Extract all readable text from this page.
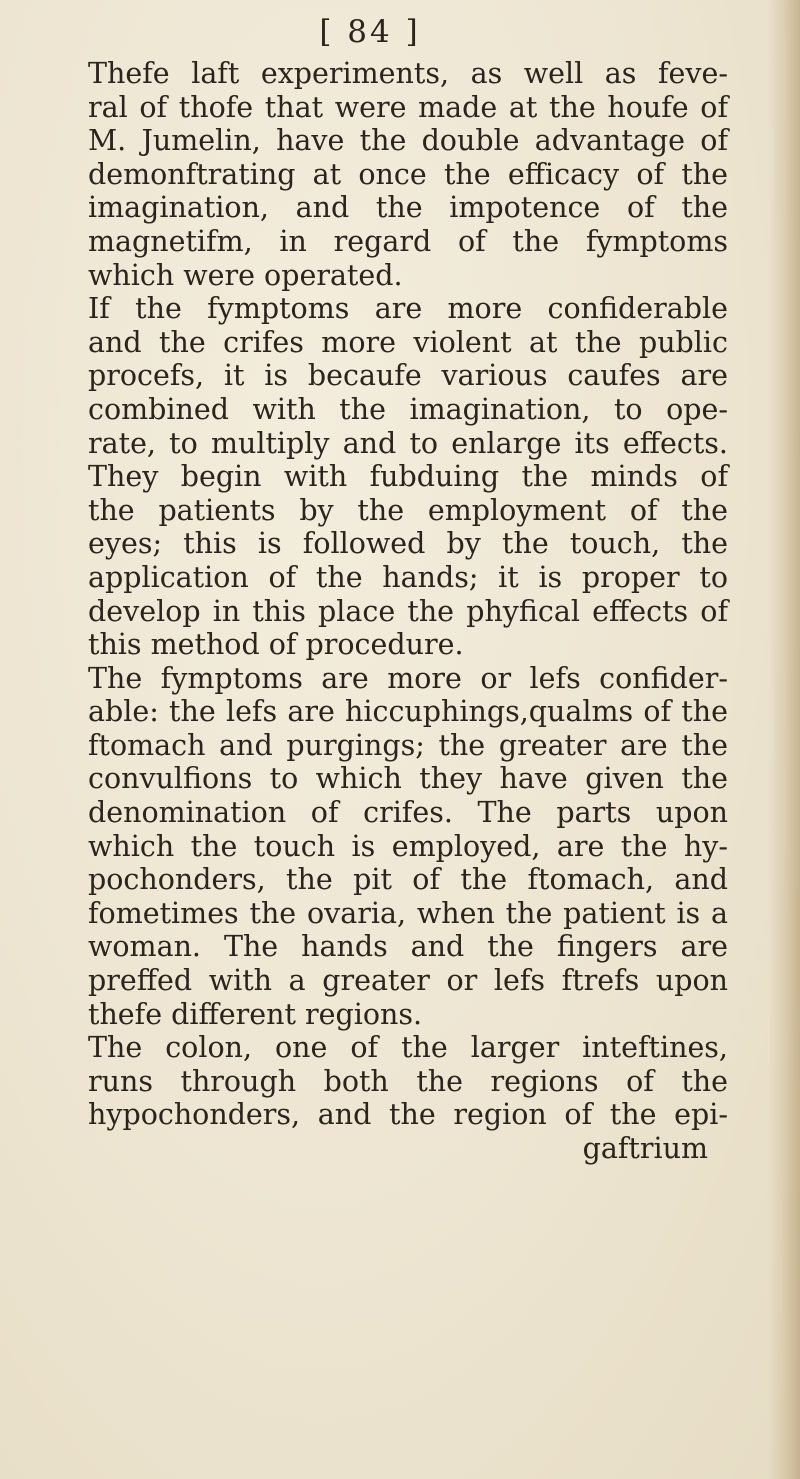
[ 84 ]

Thefe laft experiments, as well as feve-
ral of thofe that were made at the houfe of
M. Jumelin, have the double advantage of
demonftrating at once the efficacy of the
imagination, and the impotence of the
magnetifm, in regard of the fymptoms
which were operated.

If the fymptoms are more confiderable
and the crifes more violent at the public
procefs, it is becaufe various caufes are
combined with the imagination, to ope-
rate, to multiply and to enlarge its effects.
They begin with fubduing the minds of
the patients by the employment of the
eyes; this is followed by the touch, the
application of the hands; it is proper to
develop in this place the phyfical effects of
this method of procedure.

The fymptoms are more or lefs confider-
able: the lefs are hiccuphings,qualms of the
ftomach and purgings; the greater are the
convulfions to which they have given the
denomination of crifes. The parts upon
which the touch is employed, are the hy-
pochonders, the pit of the ftomach, and
fometimes the ovaria, when the patient is a
woman. The hands and the fingers are
preffed with a greater or lefs ftrefs upon
thefe different regions.

The colon, one of the larger inteftines,
runs through both the regions of the
hypochonders, and the region of the epi-

gaftrium
